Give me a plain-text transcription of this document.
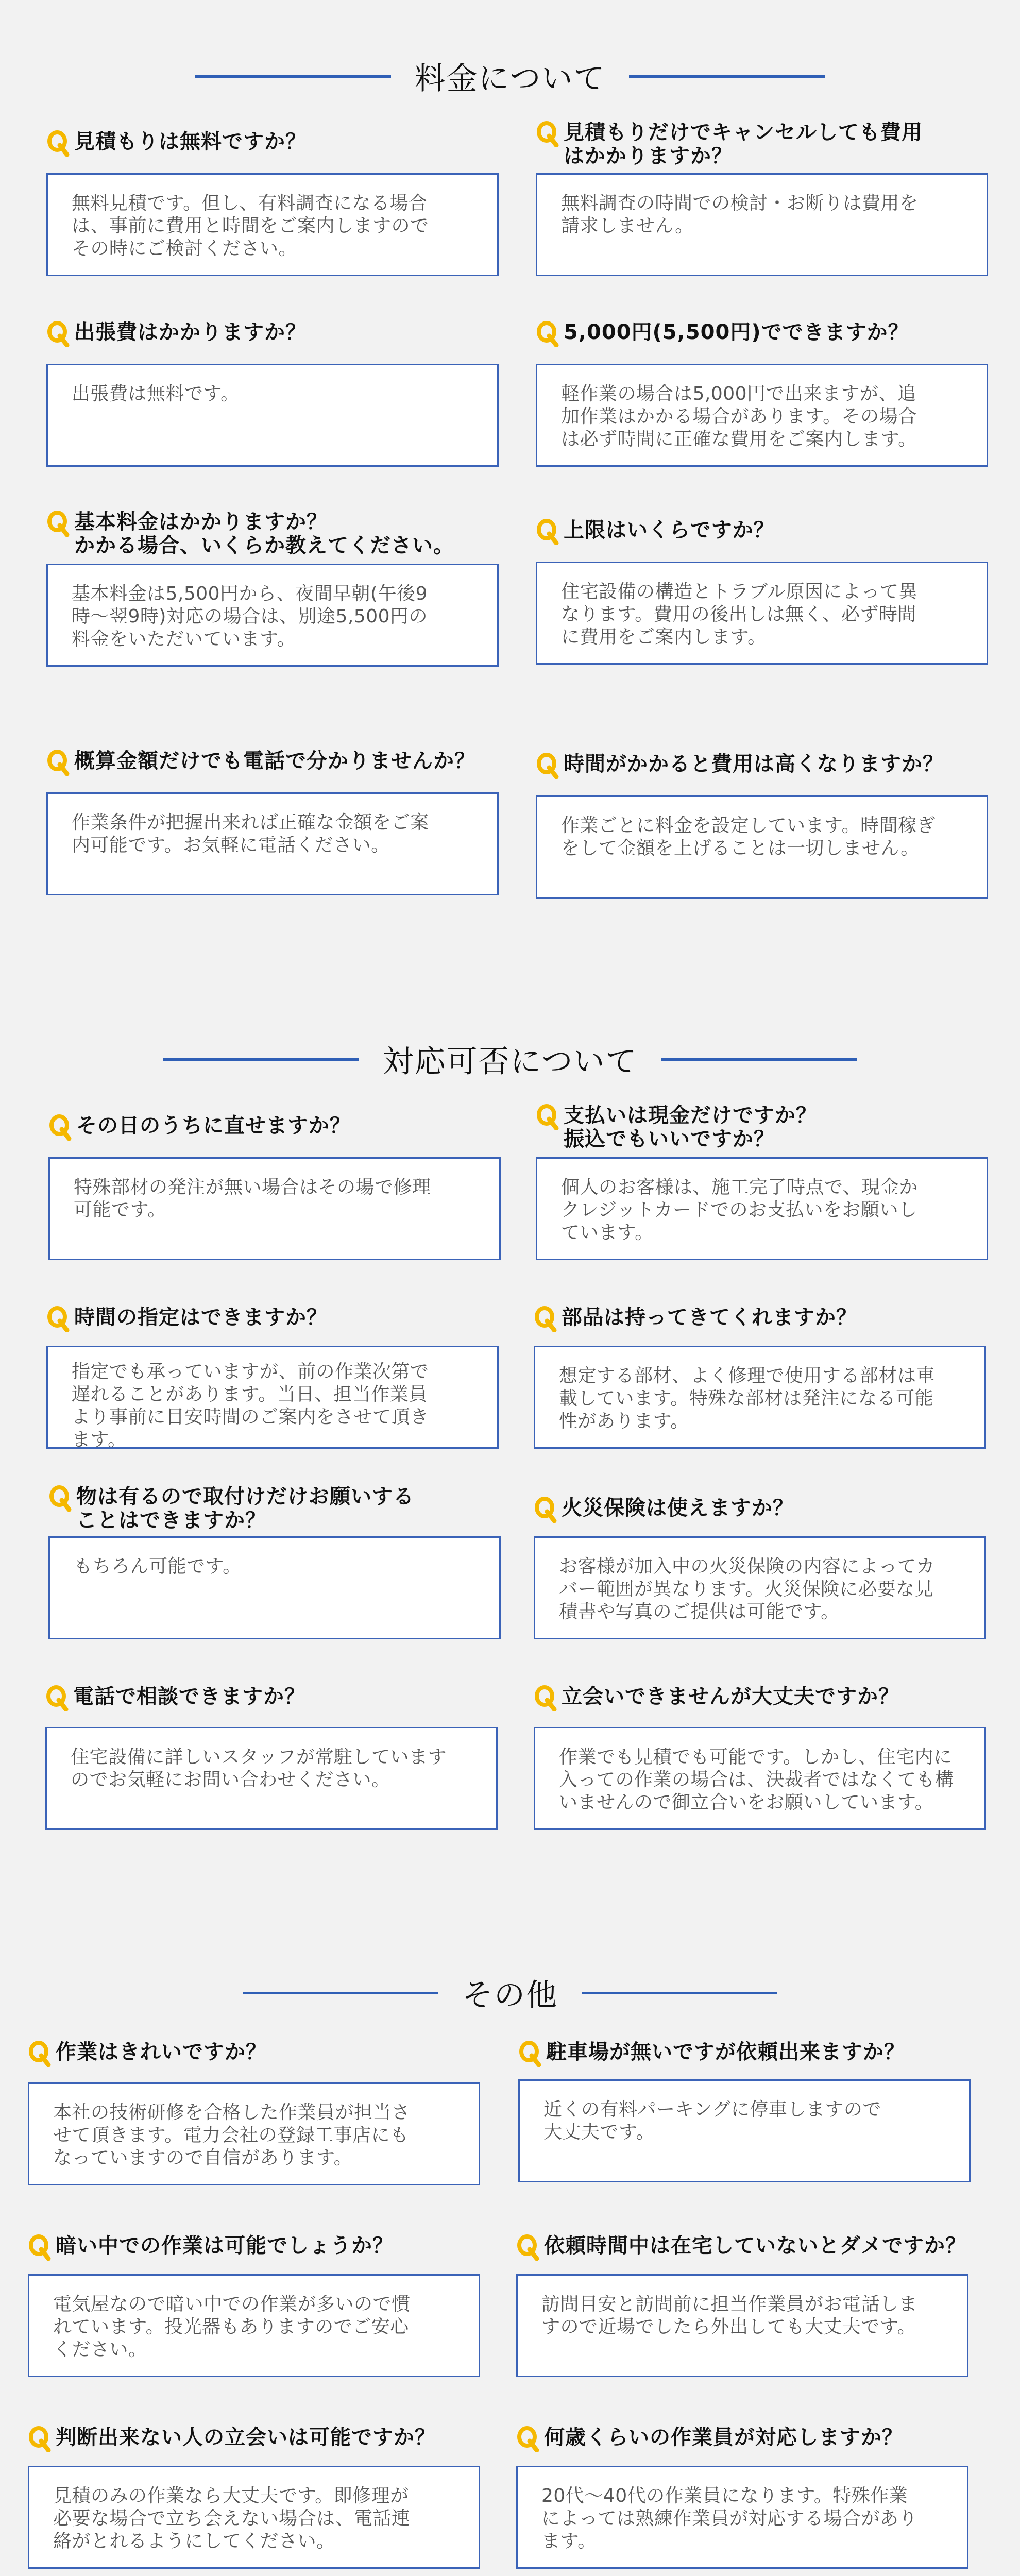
料金について
見積もりは無料ですか？
無料見積です。但し、有料調査になる場合
は、事前に費用と時間をご案内しますので
その時にご検討ください。
見積もりだけでキャンセルしても費用
はかかりますか？
無料調査の時間での検討・お断りは費用を
請求しません。
出張費はかかりますか？
出張費は無料です。
5,000円(5,500円)でできますか？
軽作業の場合は5,000円で出来ますが、追
加作業はかかる場合があります。その場合
は必ず時間に正確な費用をご案内します。
基本料金はかかりますか？
かかる場合、いくらか教えてください。
基本料金は5,500円から、夜間早朝(午後9
時〜翌9時)対応の場合は、別途5,500円の
料金をいただいています。
上限はいくらですか？
住宅設備の構造とトラブル原因によって異
なります。費用の後出しは無く、必ず時間
に費用をご案内します。
概算金額だけでも電話で分かりませんか？
作業条件が把握出来れば正確な金額をご案
内可能です。お気軽に電話ください。
時間がかかると費用は高くなりますか？
作業ごとに料金を設定しています。時間稼ぎ
をして金額を上げることは一切しません。
対応可否について
その日のうちに直せますか？
特殊部材の発注が無い場合はその場で修理
可能です。
支払いは現金だけですか？
振込でもいいですか？
個人のお客様は、施工完了時点で、現金か
クレジットカードでのお支払いをお願いし
ています。
時間の指定はできますか？
指定でも承っていますが、前の作業次第で
遅れることがあります。当日、担当作業員
より事前に目安時間のご案内をさせて頂き
ます。
部品は持ってきてくれますか？
想定する部材、よく修理で使用する部材は車
載しています。特殊な部材は発注になる可能
性があります。
物は有るので取付けだけお願いする
ことはできますか？
もちろん可能です。
火災保険は使えますか？
お客様が加入中の火災保険の内容によってカ
バー範囲が異なります。火災保険に必要な見
積書や写真のご提供は可能です。
電話で相談できますか？
住宅設備に詳しいスタッフが常駐しています
のでお気軽にお問い合わせください。
立会いできませんが大丈夫ですか？
作業でも見積でも可能です。しかし、住宅内に
入っての作業の場合は、決裁者ではなくても構
いませんので御立合いをお願いしています。
その他
作業はきれいですか？
本社の技術研修を合格した作業員が担当さ
せて頂きます。電力会社の登録工事店にも
なっていますので自信があります。
駐車場が無いですが依頼出来ますか？
近くの有料パーキングに停車しますので
大丈夫です。
暗い中での作業は可能でしょうか？
電気屋なので暗い中での作業が多いので慣
れています。投光器もありますのでご安心
ください。
依頼時間中は在宅していないとダメですか？
訪問目安と訪問前に担当作業員がお電話しま
すので近場でしたら外出しても大丈夫です。
判断出来ない人の立会いは可能ですか？
見積のみの作業なら大丈夫です。即修理が
必要な場合で立ち会えない場合は、電話連
絡がとれるようにしてください。
何歳くらいの作業員が対応しますか？
20代〜40代の作業員になります。特殊作業
によっては熟練作業員が対応する場合があり
ます。
